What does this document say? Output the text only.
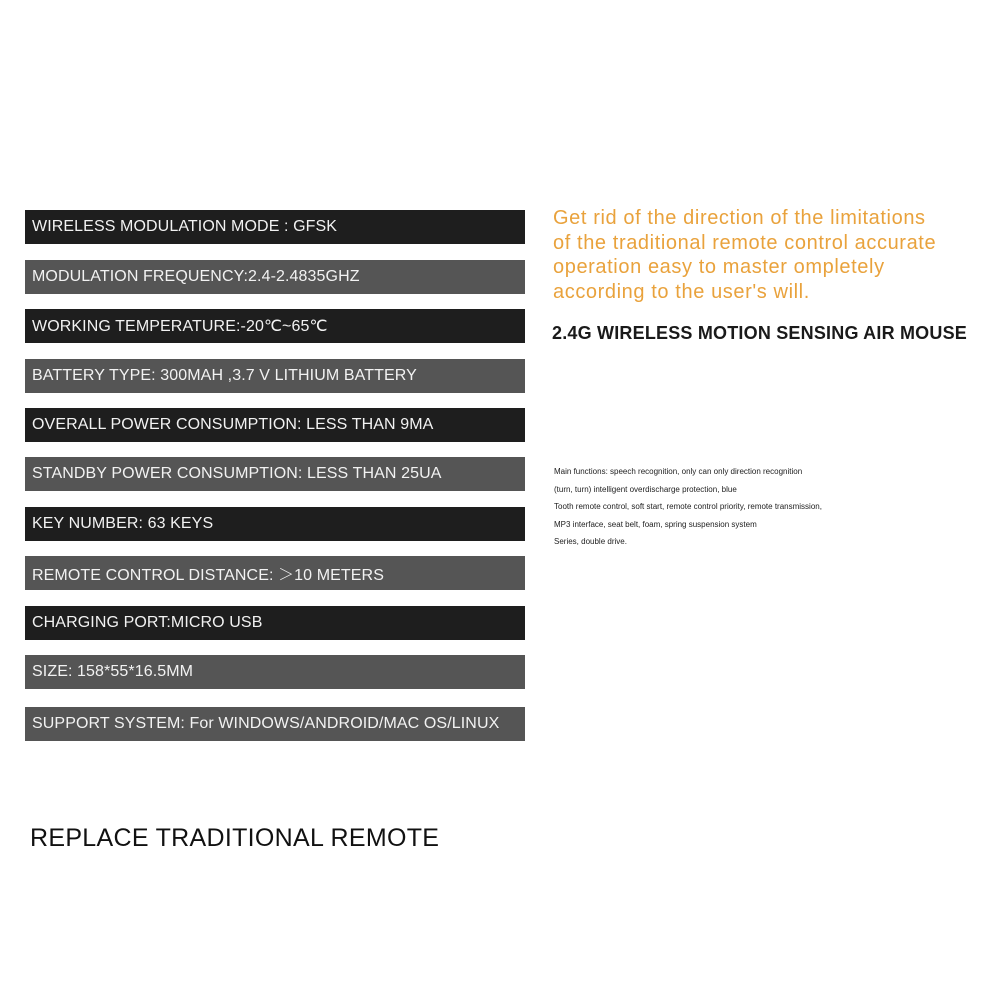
WIRELESS MODULATION MODE : GFSK
MODULATION FREQUENCY:2.4-2.4835GHZ
WORKING TEMPERATURE:-20℃~65℃
BATTERY TYPE: 300MAH ,3.7 V LITHIUM BATTERY
OVERALL POWER CONSUMPTION: LESS THAN 9MA
STANDBY POWER CONSUMPTION: LESS THAN 25UA
KEY NUMBER: 63 KEYS
REMOTE CONTROL DISTANCE: ＞10 METERS
CHARGING PORT:MICRO USB
SIZE: 158*55*16.5MM
SUPPORT SYSTEM: For WINDOWS/ANDROID/MAC OS/LINUX
Get rid of the direction of the limitations
of the traditional remote control accurate
operation easy to master ompletely
according to the user's will.
2.4G WIRELESS MOTION SENSING AIR MOUSE
Main functions: speech recognition, only can only direction recognition
(turn, turn) intelligent overdischarge protection, blue
Tooth remote control, soft start, remote control priority, remote transmission,
MP3 interface, seat belt, foam, spring suspension system
Series, double drive.
REPLACE TRADITIONAL REMOTE
